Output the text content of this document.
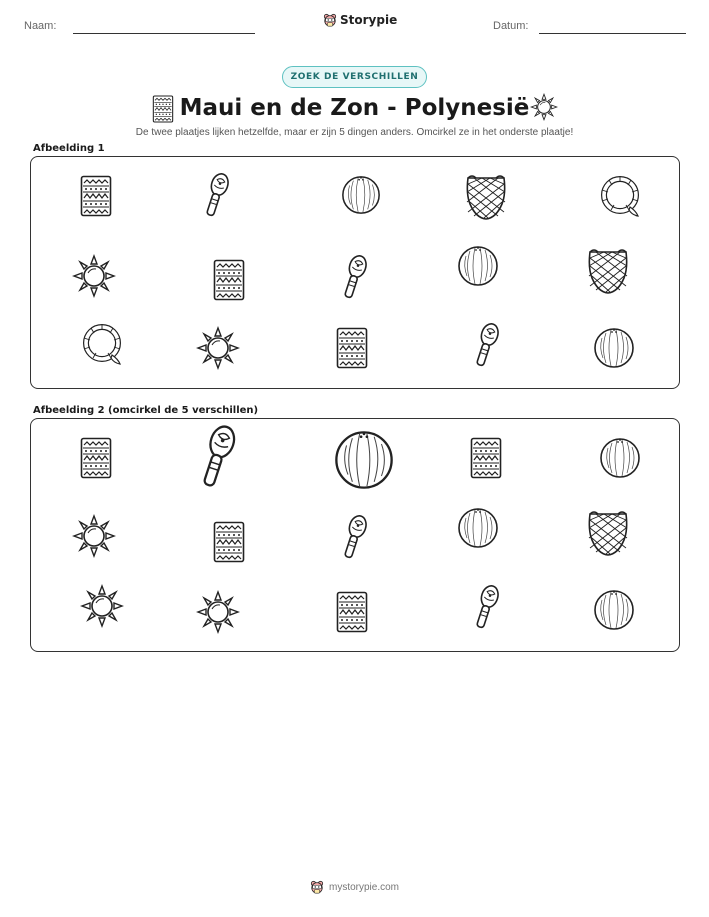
Naam:	Storypie	Datum:
ZOEK DE VERSCHILLEN
Maui en de Zon - Polynesië

De twee plaatjes lijken hetzelfde, maar er zijn 5 dingen anders. Omcirkel ze in het onderste plaatje!

Afbeelding 1
Afbeelding 2 (omcirkel de 5 verschillen)
mystorypie.com
